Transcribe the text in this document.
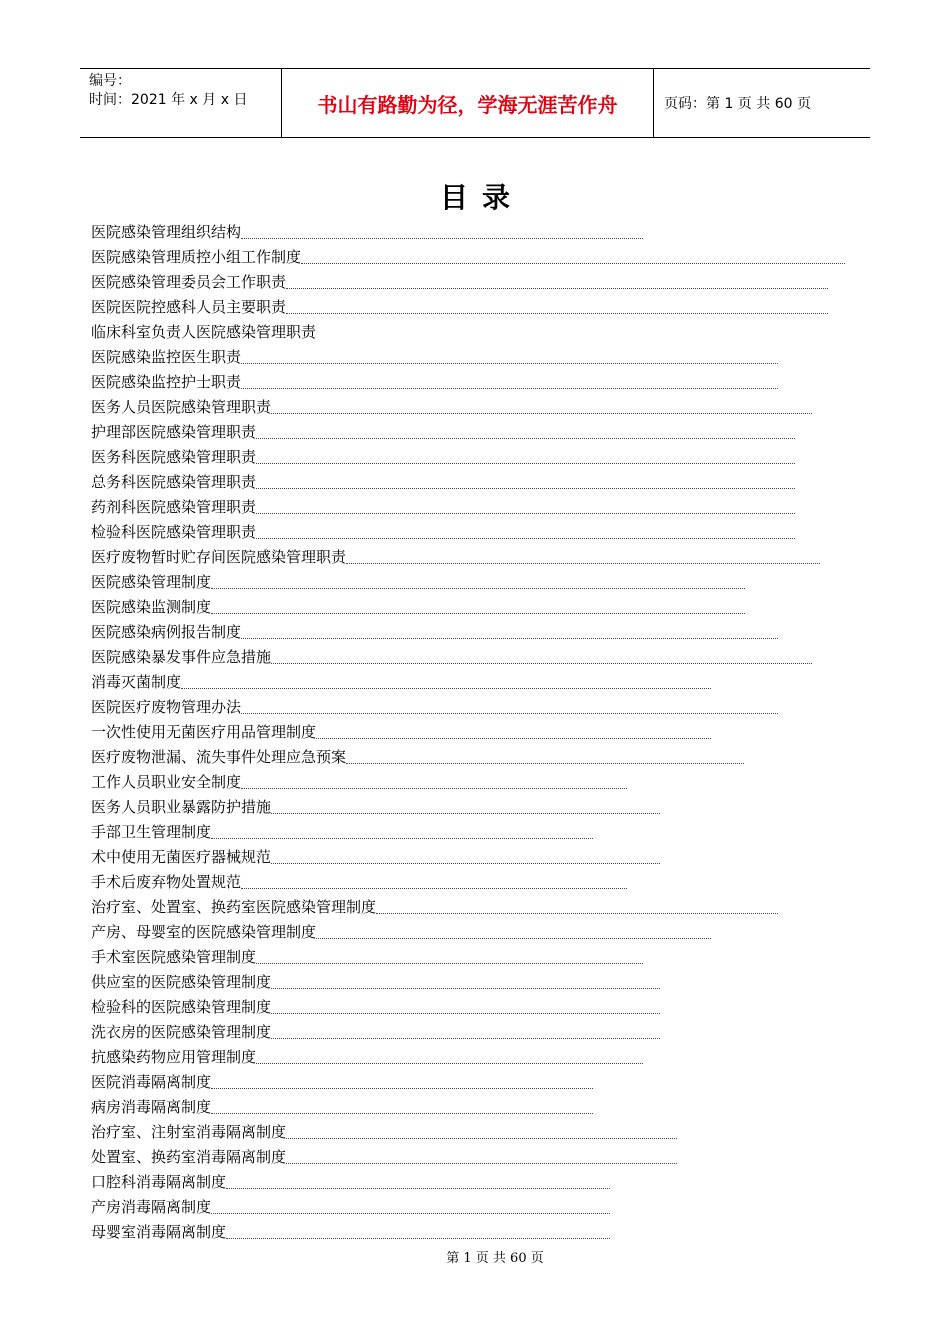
编号：
时间：2021 年 x 月 x 日	书山有路勤为径，学海无涯苦作舟	页码：第 1 页 共 60 页
目录
医院感染管理组织结构
医院感染管理质控小组工作制度
医院感染管理委员会工作职责
医院医院控感科人员主要职责
临床科室负责人医院感染管理职责
医院感染监控医生职责
医院感染监控护士职责
医务人员医院感染管理职责
护理部医院感染管理职责
医务科医院感染管理职责
总务科医院感染管理职责
药剂科医院感染管理职责
检验科医院感染管理职责
医疗废物暂时贮存间医院感染管理职责
医院感染管理制度
医院感染监测制度
医院感染病例报告制度
医院感染暴发事件应急措施
消毒灭菌制度
医院医疗废物管理办法
一次性使用无菌医疗用品管理制度
医疗废物泄漏、流失事件处理应急预案
工作人员职业安全制度
医务人员职业暴露防护措施
手部卫生管理制度
术中使用无菌医疗器械规范
手术后废弃物处置规范
治疗室、处置室、换药室医院感染管理制度
产房、母婴室的医院感染管理制度
手术室医院感染管理制度
供应室的医院感染管理制度
检验科的医院感染管理制度
洗衣房的医院感染管理制度
抗感染药物应用管理制度
医院消毒隔离制度
病房消毒隔离制度
治疗室、注射室消毒隔离制度
处置室、换药室消毒隔离制度
口腔科消毒隔离制度
产房消毒隔离制度
母婴室消毒隔离制度
第 1 页 共 60 页
